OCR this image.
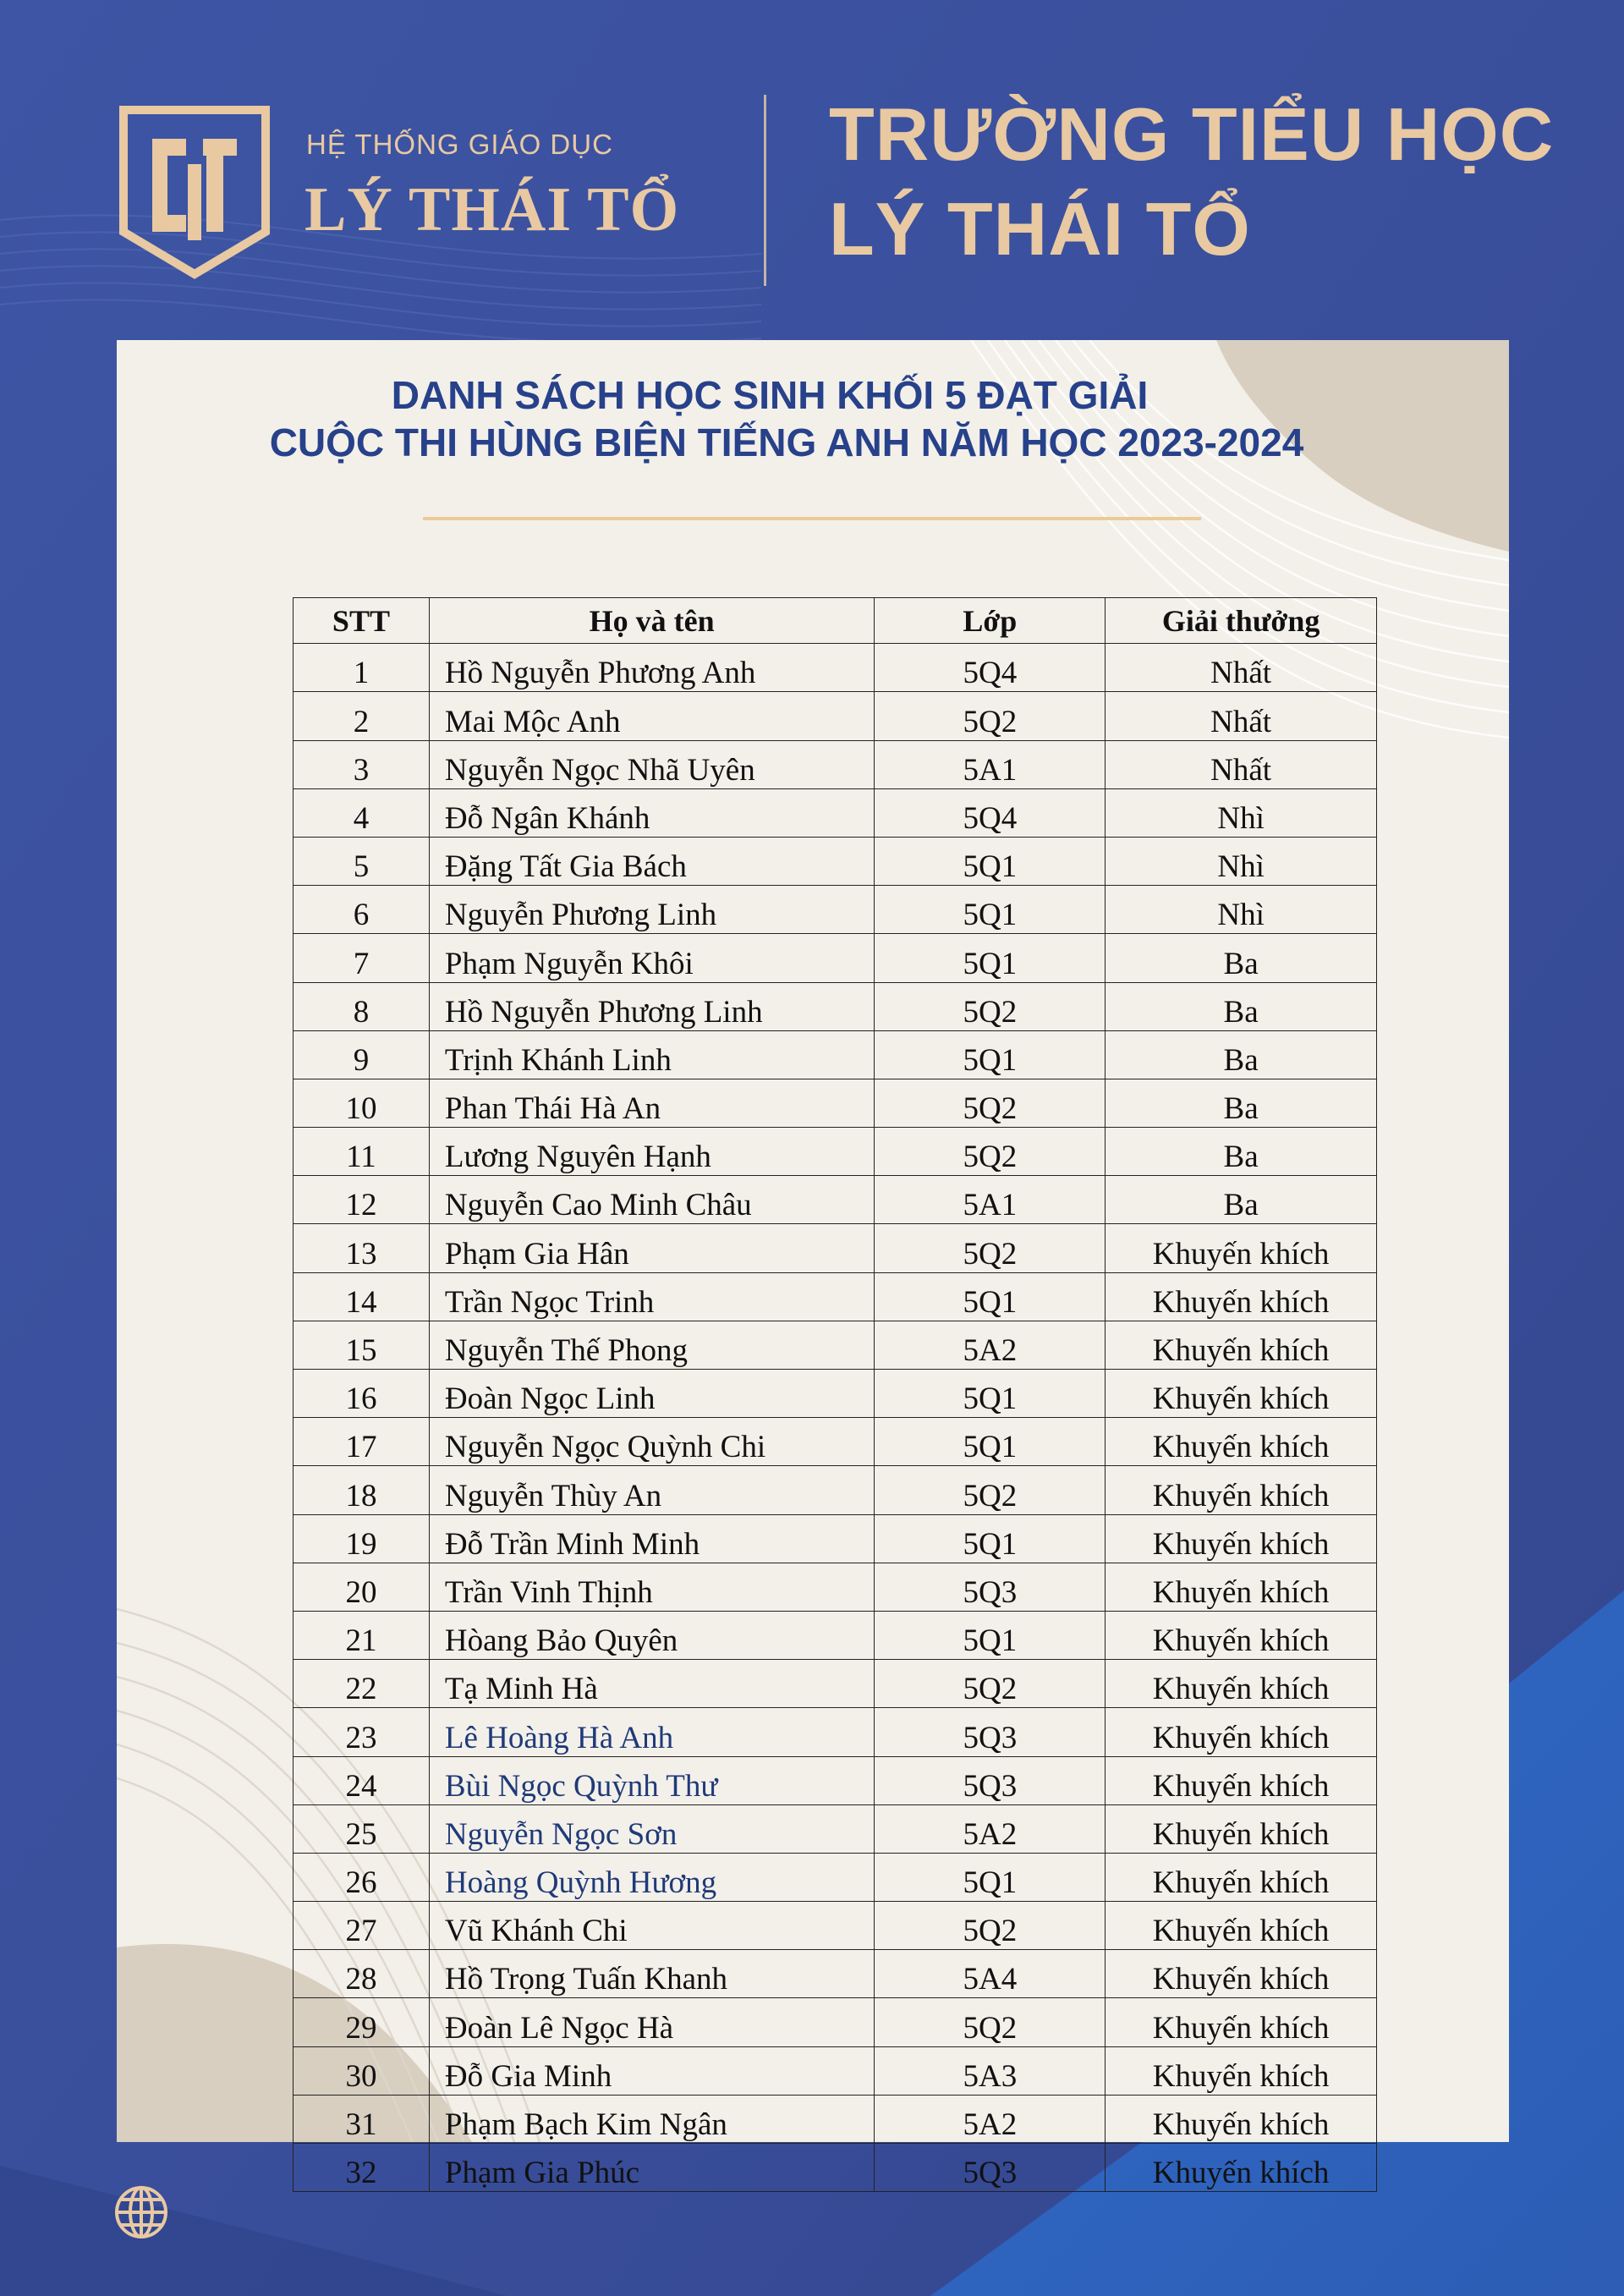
HỆ THỐNG GIÁO DỤC
LÝ THÁI TỔ
TRƯỜNG TIỂU HỌC
LÝ THÁI TỔ
DANH SÁCH HỌC SINH KHỐI 5 ĐẠT GIẢI
CUỘC THI HÙNG BIỆN TIẾNG ANH NĂM HỌC 2023-2024
STT	Họ và tên	Lớp	Giải thưởng
1	Hồ Nguyễn Phương Anh	5Q4	Nhất
2	Mai Mộc Anh	5Q2	Nhất
3	Nguyễn Ngọc Nhã Uyên	5A1	Nhất
4	Đỗ Ngân Khánh	5Q4	Nhì
5	Đặng Tất Gia Bách	5Q1	Nhì
6	Nguyễn Phương Linh	5Q1	Nhì
7	Phạm Nguyễn Khôi	5Q1	Ba
8	Hồ Nguyễn Phương Linh	5Q2	Ba
9	Trịnh Khánh Linh	5Q1	Ba
10	Phan Thái Hà An	5Q2	Ba
11	Lương Nguyên Hạnh	5Q2	Ba
12	Nguyễn Cao Minh Châu	5A1	Ba
13	Phạm Gia Hân	5Q2	Khuyến khích
14	Trần Ngọc Trinh	5Q1	Khuyến khích
15	Nguyễn Thế Phong	5A2	Khuyến khích
16	Đoàn Ngọc Linh	5Q1	Khuyến khích
17	Nguyễn Ngọc Quỳnh Chi	5Q1	Khuyến khích
18	Nguyễn Thùy An	5Q2	Khuyến khích
19	Đỗ Trần Minh Minh	5Q1	Khuyến khích
20	Trần Vinh Thịnh	5Q3	Khuyến khích
21	Hòang Bảo Quyên	5Q1	Khuyến khích
22	Tạ Minh Hà	5Q2	Khuyến khích
23	Lê Hoàng Hà Anh	5Q3	Khuyến khích
24	Bùi Ngọc Quỳnh Thư	5Q3	Khuyến khích
25	Nguyễn Ngọc Sơn	5A2	Khuyến khích
26	Hoàng Quỳnh Hương	5Q1	Khuyến khích
27	Vũ Khánh Chi	5Q2	Khuyến khích
28	Hồ Trọng Tuấn Khanh	5A4	Khuyến khích
29	Đoàn Lê Ngọc Hà	5Q2	Khuyến khích
30	Đỗ Gia Minh	5A3	Khuyến khích
31	Phạm Bạch Kim Ngân	5A2	Khuyến khích
32	Phạm Gia Phúc	5Q3	Khuyến khích
